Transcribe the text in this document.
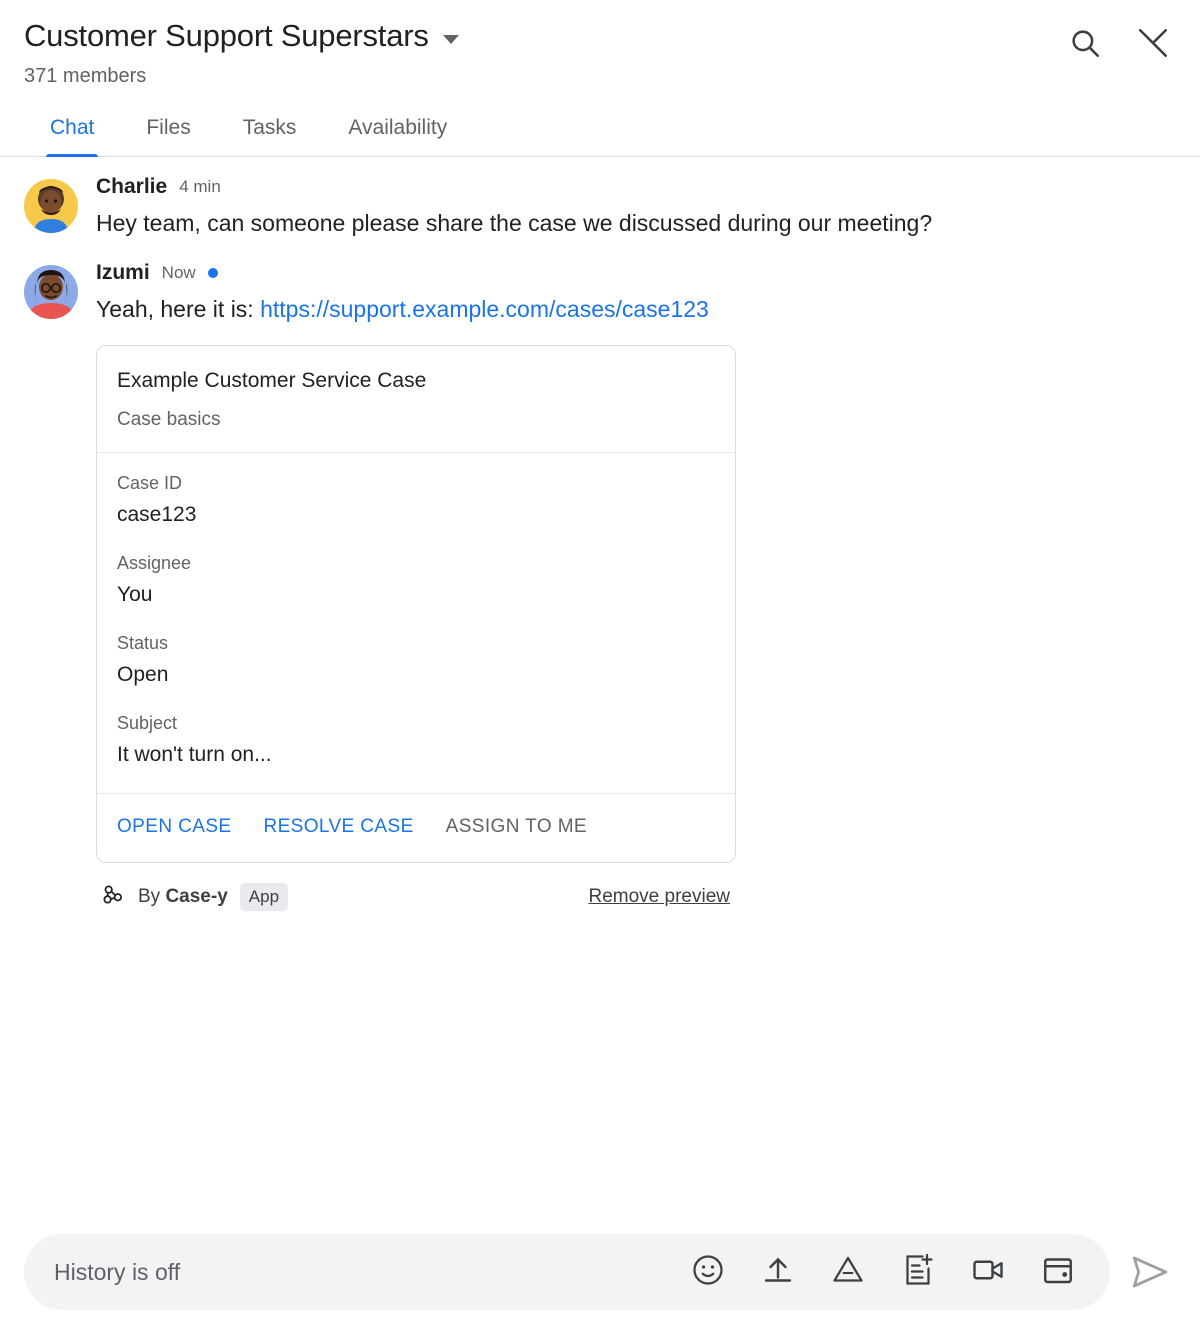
Customer Support Superstars
371 members
Chat	Files	Tasks	Availability
Charlie 4 min
Hey team, can someone please share the case we discussed during our meeting?
Izumi Now
Yeah, here it is: https://support.example.com/cases/case123
Example Customer Service Case
Case basics
Case ID
case123
Assignee
You
Status
Open
Subject
It won't turn on...
OPEN CASE RESOLVE CASE ASSIGN TO ME
By Case-y	App	Remove preview
History is off
